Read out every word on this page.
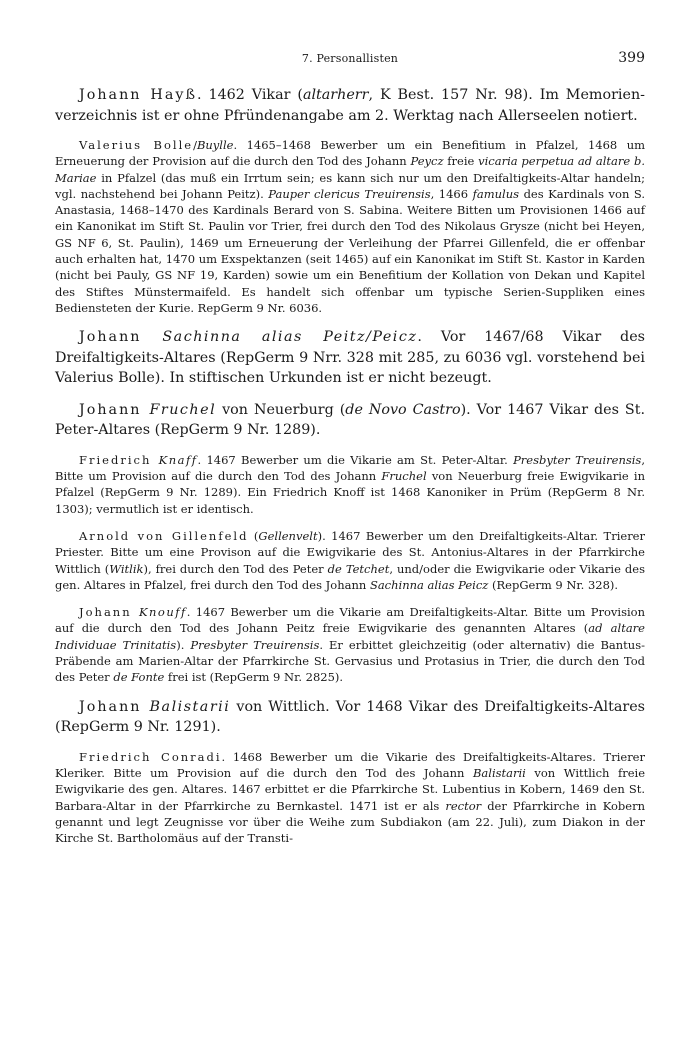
7. Personallisten	399

Johann Hayß. 1462 Vikar (altarherr, K Best. 157 Nr. 98). Im Memorienverzeichnis ist er ohne Pfründenangabe am 2. Werktag nach Allerseelen notiert.

Valerius Bolle/Buylle. 1465–1468 Bewerber um ein Benefitium in Pfalzel, 1468 um Erneuerung der Provision auf die durch den Tod des Johann Peycz freie vicaria perpetua ad altare b. Mariae in Pfalzel (das muß ein Irrtum sein; es kann sich nur um den Dreifaltigkeits-Altar handeln; vgl. nachstehend bei Johann Peitz). Pauper clericus Treuirensis, 1466 famulus des Kardinals von S. Anastasia, 1468–1470 des Kardinals Berard von S. Sabina. Weitere Bitten um Provisionen 1466 auf ein Kanonikat im Stift St. Paulin vor Trier, frei durch den Tod des Nikolaus Grysze (nicht bei Heyen, GS NF 6, St. Paulin), 1469 um Erneuerung der Verleihung der Pfarrei Gillenfeld, die er offenbar auch erhalten hat, 1470 um Exspektanzen (seit 1465) auf ein Kanonikat im Stift St. Kastor in Karden (nicht bei Pauly, GS NF 19, Karden) sowie um ein Benefitium der Kollation von Dekan und Kapitel des Stiftes Münstermaifeld. Es handelt sich offenbar um typische Serien-Suppliken eines Bediensteten der Kurie. RepGerm 9 Nr. 6036.

Johann Sachinna alias Peitz/Peicz. Vor 1467/68 Vikar des Dreifaltigkeits-Altares (RepGerm 9 Nrr. 328 mit 285, zu 6036 vgl. vorstehend bei Valerius Bolle). In stiftischen Urkunden ist er nicht bezeugt.

Johann Fruchel von Neuerburg (de Novo Castro). Vor 1467 Vikar des St. Peter-Altares (RepGerm 9 Nr. 1289).

Friedrich Knaff. 1467 Bewerber um die Vikarie am St. Peter-Altar. Presbyter Treuirensis, Bitte um Provision auf die durch den Tod des Johann Fruchel von Neuerburg freie Ewigvikarie in Pfalzel (RepGerm 9 Nr. 1289). Ein Friedrich Knoff ist 1468 Kanoniker in Prüm (RepGerm 8 Nr. 1303); vermutlich ist er identisch.

Arnold von Gillenfeld (Gellenvelt). 1467 Bewerber um den Dreifaltigkeits-Altar. Trierer Priester. Bitte um eine Provison auf die Ewigvikarie des St. Antonius-Altares in der Pfarrkirche Wittlich (Witlik), frei durch den Tod des Peter de Tetchet, und/oder die Ewigvikarie oder Vikarie des gen. Altares in Pfalzel, frei durch den Tod des Johann Sachinna alias Peicz (RepGerm 9 Nr. 328).

Johann Knouff. 1467 Bewerber um die Vikarie am Dreifaltigkeits-Altar. Bitte um Provision auf die durch den Tod des Johann Peitz freie Ewigvikarie des genannten Altares (ad altare Individuae Trinitatis). Presbyter Treuirensis. Er erbittet gleichzeitig (oder alternativ) die Bantus-Präbende am Marien-Altar der Pfarrkirche St. Gervasius und Protasius in Trier, die durch den Tod des Peter de Fonte frei ist (RepGerm 9 Nr. 2825).

Johann Balistarii von Wittlich. Vor 1468 Vikar des Dreifaltigkeits-Altares (RepGerm 9 Nr. 1291).

Friedrich Conradi. 1468 Bewerber um die Vikarie des Dreifaltigkeits-Altares. Trierer Kleriker. Bitte um Provision auf die durch den Tod des Johann Balistarii von Wittlich freie Ewigvikarie des gen. Altares. 1467 erbittet er die Pfarrkirche St. Lubentius in Kobern, 1469 den St. Barbara-Altar in der Pfarrkirche zu Bernkastel. 1471 ist er als rector der Pfarrkirche in Kobern genannt und legt Zeugnisse vor über die Weihe zum Subdiakon (am 22. Juli), zum Diakon in der Kirche St. Bartholomäus auf der Transti-
